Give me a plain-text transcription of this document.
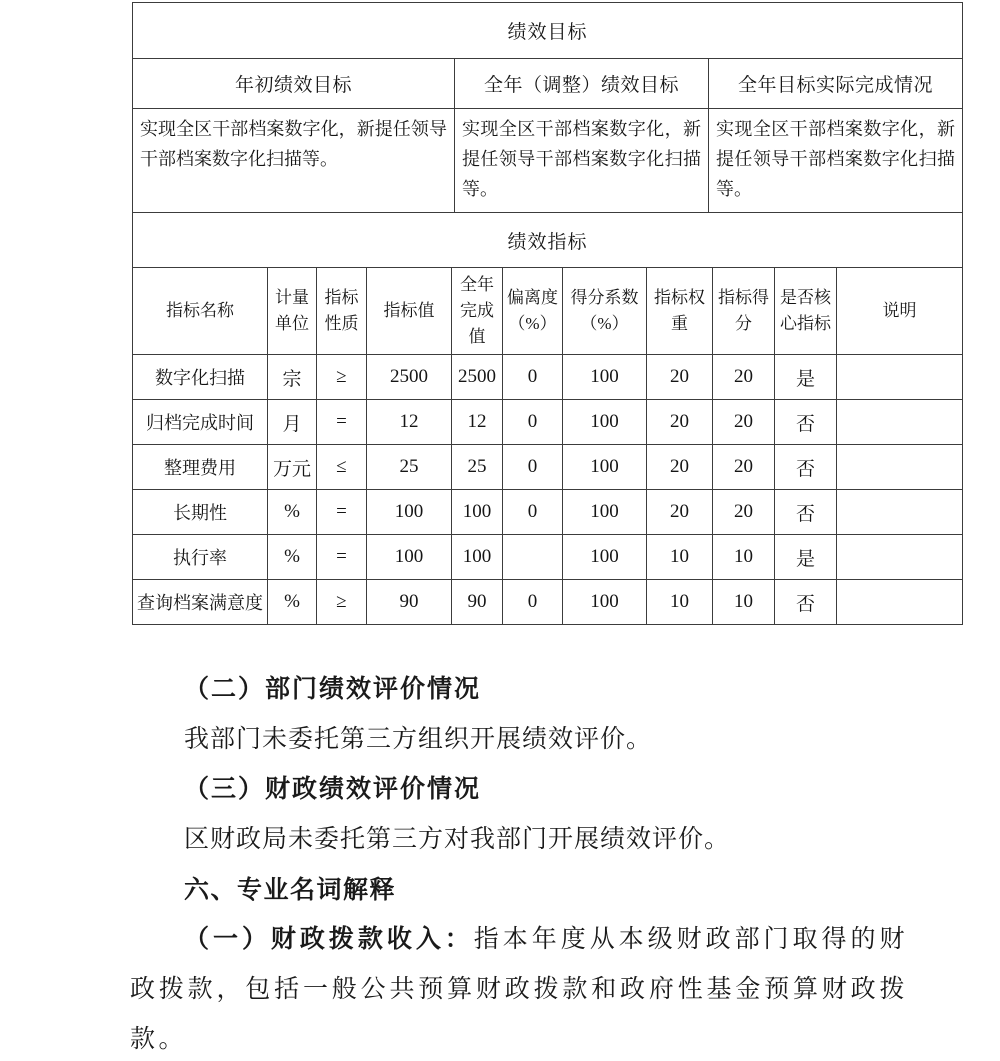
绩效目标		
年初绩效目标	全年（调整）绩效目标	全年目标实际完成情况
实现全区干部档案数字化，新提任领导干部档案数字化扫描等。	实现全区干部档案数字化，新提任领导干部档案数字化扫描等。	实现全区干部档案数字化，新提任领导干部档案数字化扫描等。
绩效指标										
指标名称	计量单位	指标性质	指标值	全年完成值	偏离度（%）	得分系数（%）	指标权重	指标得分	是否核心指标	说明
数字化扫描	宗	≥	2500	2500	0	100	20	20	是	
归档完成时间	月	=	12	12	0	100	20	20	否	
整理费用	万元	≤	25	25	0	100	20	20	否	
长期性	%	=	100	100	0	100	20	20	否	
执行率	%	=	100	100		100	10	10	是	
查询档案满意度	%	≥	90	90	0	100	10	10	否	

（二）部门绩效评价情况

我部门未委托第三方组织开展绩效评价。

（三）财政绩效评价情况

区财政局未委托第三方对我部门开展绩效评价。

六、专业名词解释

（一）财政拨款收入：指本年度从本级财政部门取得的财政拨款，包括一般公共预算财政拨款和政府性基金预算财政拨款。
